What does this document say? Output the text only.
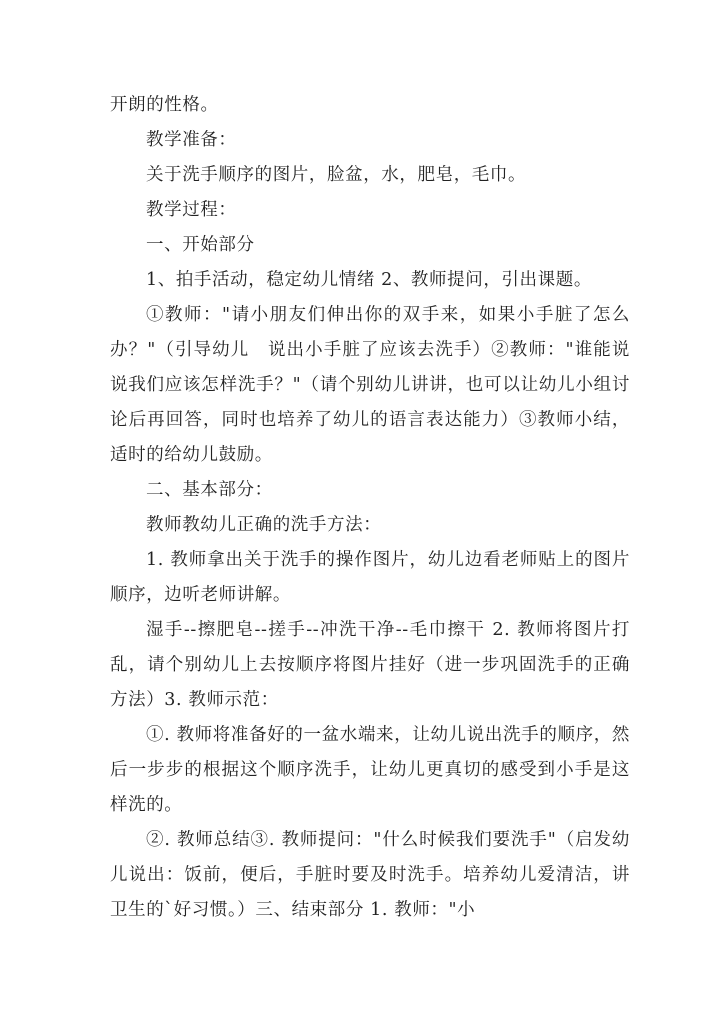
开朗的性格。

教学准备：

关于洗手顺序的图片，脸盆，水，肥皂，毛巾。

教学过程：

一、开始部分

1、拍手活动，稳定幼儿情绪 2、教师提问，引出课题。

①教师："请小朋友们伸出你的双手来，如果小手脏了怎么办？"（引导幼儿　说出小手脏了应该去洗手）②教师："谁能说说我们应该怎样洗手？"（请个别幼儿讲讲，也可以让幼儿小组讨论后再回答，同时也培养了幼儿的语言表达能力）③教师小结，适时的给幼儿鼓励。

二、基本部分：

教师教幼儿正确的洗手方法：

1. 教师拿出关于洗手的操作图片，幼儿边看老师贴上的图片顺序，边听老师讲解。

湿手--擦肥皂--搓手--冲洗干净--毛巾擦干 2. 教师将图片打乱，请个别幼儿上去按顺序将图片挂好（进一步巩固洗手的正确方法）3. 教师示范：

①. 教师将准备好的一盆水端来，让幼儿说出洗手的顺序，然后一步步的根据这个顺序洗手，让幼儿更真切的感受到小手是这样洗的。

②. 教师总结③. 教师提问："什么时候我们要洗手"（启发幼儿说出：饭前，便后，手脏时要及时洗手。培养幼儿爱清洁，讲卫生的`好习惯。）三、结束部分 1. 教师："小
